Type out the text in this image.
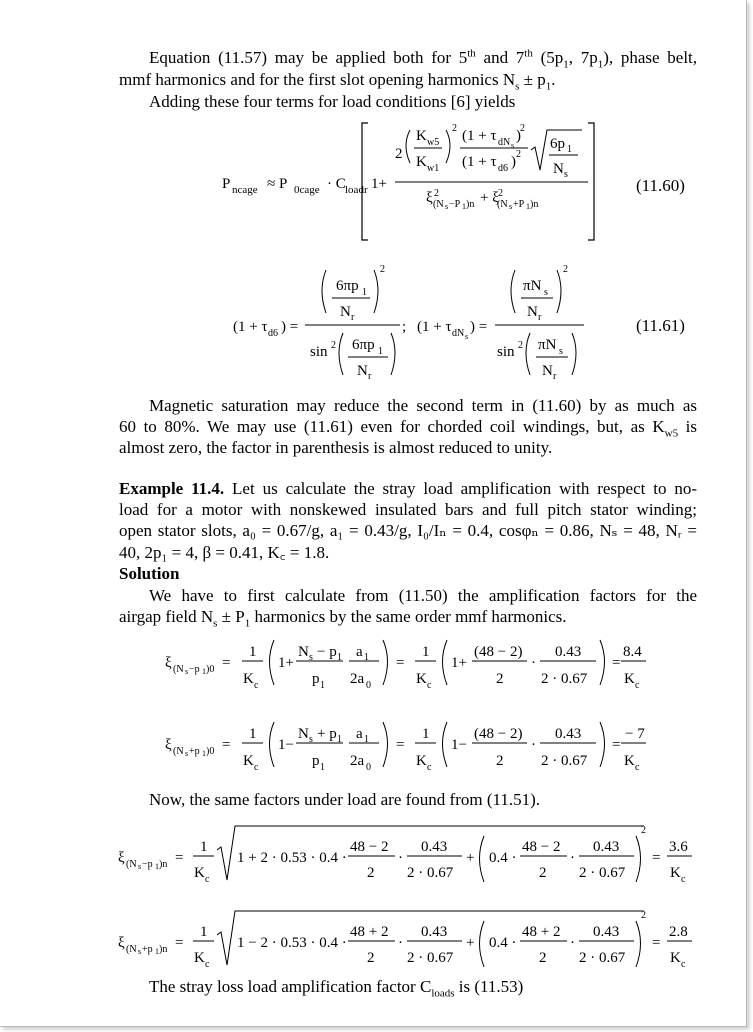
Equation (11.57) may be applied both for 5th and 7th ($5p_1$, $7p_1$), phase belt,

mmf harmonics and for the first slot opening harmonics $N_s \pm p_1$.

Adding these four terms for load conditions [6] yields

P ncage ≈ P 0cage · C loadr 1+
2
K w5
K w1
2 (1 + τ dN s
) 2
(1 + τ d6 ) 2
6p 1
N s
ξ 2
(N s −P 1 )n + ξ 2
(N s +P 1 )n
(11.60)
(1 + τ d6 ) =
6πp 1
N r
2
sin 2 6πp 1
N r
; (1 + τ dN s
) =
πN s
N r
2
sin 2 πN s
N r
(11.61)

Magnetic saturation may reduce the second term in (11.60) by as much as

60 to 80%. We may use (11.61) even for chorded coil windings, but, as $K_{w5}$ is

almost zero, the factor in parenthesis is almost reduced to unity.

Example 11.4. Let us calculate the stray load amplification with respect to no-

load for a motor with nonskewed insulated bars and full pitch stator winding;

open stator slots, a₀ = 0.67/g, a₁ = 0.43/g, I₀/Iₙ = 0.4, cosφₙ = 0.86, Nₛ = 48, Nᵣ =

40, 2p₁ = 4, β = 0.41, K꜀ = 1.8.

Solution

We have to first calculate from (11.50) the amplification factors for the

airgap field $N_s \pm P_1$ harmonics by the same order mmf harmonics.

ξ (N s −p 1 )0 =
1
K c
1+
N s − p 1
p 1
a 1
2a 0
=
1
K c
1+
(48 − 2)
2
·
0.43
2 · 0.67
=
8.4
K c
ξ (N s +p 1 )0 =
1
K c
1−
N s + p 1
p 1
a 1
2a 0
=
1
K c
1−
(48 − 2)
2
·
0.43
2 · 0.67
=
− 7
K c

Now, the same factors under load are found from (11.51).

ξ (N s −p 1 )n =
1
K c
1 + 2 · 0.53 · 0.4 ·
48 − 2
2
·
0.43
2 · 0.67
+ 0.4 ·
48 − 2
2
·
0.43
2 · 0.67
2
=
3.6
K c
ξ (N s +p 1 )n =
1
K c
1 − 2 · 0.53 · 0.4 ·
48 + 2
2
·
0.43
2 · 0.67
+ 0.4 ·
48 + 2
2
·
0.43
2 · 0.67
2
=
2.8
K c

The stray loss load amplification factor $C_{loads}$ is (11.53)
